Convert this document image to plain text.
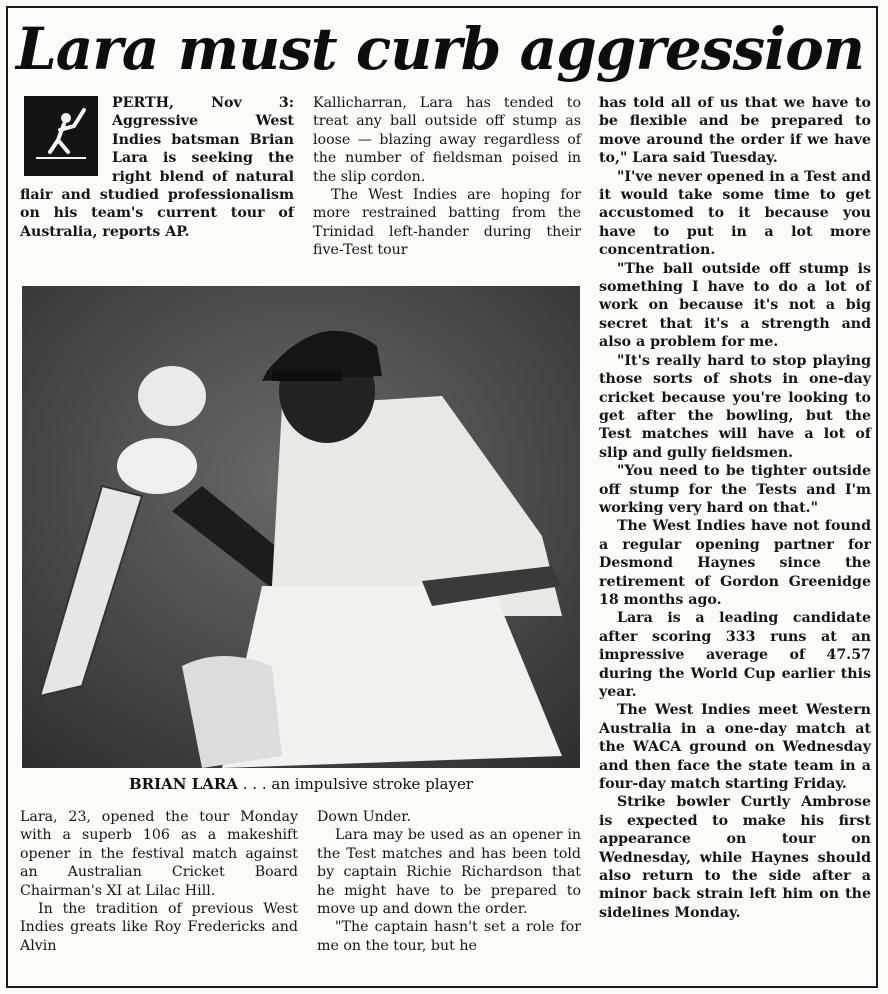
Lara must curb aggression

PERTH, Nov 3: Aggressive West Indies batsman Brian Lara is seeking the right blend of natural flair and studied professionalism on his team's current tour of Australia, reports AP.

Kallicharran, Lara has tended to treat any ball outside off stump as loose — blazing away regardless of the number of fieldsman poised in the slip cordon.

The West Indies are hoping for more restrained batting from the Trinidad left-hander during their five-Test tour

has told all of us that we have to be flexible and be prepared to move around the order if we have to," Lara said Tuesday.

"I've never opened in a Test and it would take some time to get accustomed to it because you have to put in a lot more concentration.

"The ball outside off stump is something I have to do a lot of work on because it's not a big secret that it's a strength and also a problem for me.

"It's really hard to stop playing those sorts of shots in one-day cricket because you're looking to get after the bowling, but the Test matches will have a lot of slip and gully fieldsmen.

"You need to be tighter outside off stump for the Tests and I'm working very hard on that."

The West Indies have not found a regular opening partner for Desmond Haynes since the retirement of Gordon Greenidge 18 months ago.

Lara is a leading candidate after scoring 333 runs at an impressive average of 47.57 during the World Cup earlier this year.

The West Indies meet Western Australia in a one-day match at the WACA ground on Wednesday and then face the state team in a four-day match starting Friday.

Strike bowler Curtly Ambrose is expected to make his first appearance on tour on Wednesday, while Haynes should also return to the side after a minor back strain left him on the sidelines Monday.

BRIAN LARA . . . an impulsive stroke player

Lara, 23, opened the tour Monday with a superb 106 as a makeshift opener in the festival match against an Australian Cricket Board Chairman's XI at Lilac Hill.

In the tradition of previous West Indies greats like Roy Fredericks and Alvin

Down Under.

Lara may be used as an opener in the Test matches and has been told by captain Richie Richardson that he might have to be prepared to move up and down the order.

"The captain hasn't set a role for me on the tour, but he
